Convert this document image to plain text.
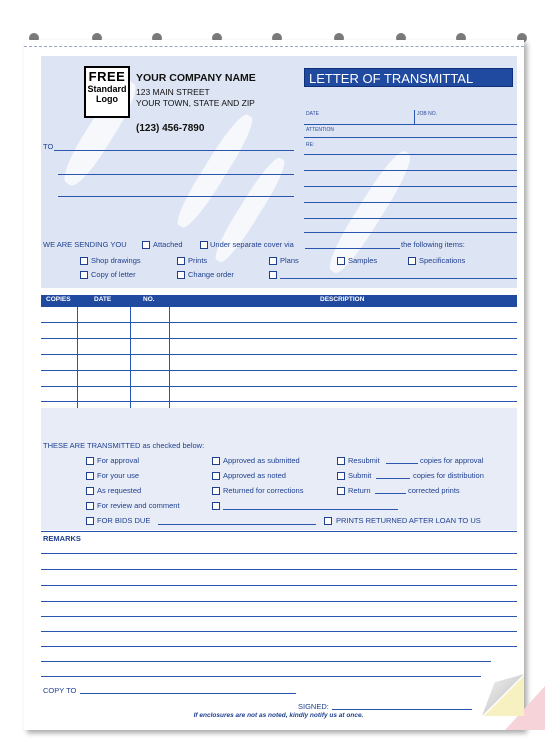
FREE
Standard
Logo
YOUR COMPANY NAME
123 MAIN STREET
YOUR TOWN, STATE AND ZIP
(123) 456-7890
LETTER OF TRANSMITTAL
DATE	JOB NO.
ATTENTION
RE:
TO
WE ARE SENDING YOU	Attached	Under separate cover via	the following items:
Shop drawings	Prints	Plans	Samples	Specifications
Copy of letter	Change order
COPIES	DATE	NO.	DESCRIPTION
THESE ARE TRANSMITTED as checked below:
For approval
For your use
As requested
For review and comment
Approved as submitted
Approved as noted
Returned for corrections
Resubmit	copies for approval
Submit	copies for distribution
Return	corrected prints
FOR BIDS DUE	PRINTS RETURNED AFTER LOAN TO US
REMARKS
COPY TO
SIGNED:
If enclosures are not as noted, kindly notify us at once.
